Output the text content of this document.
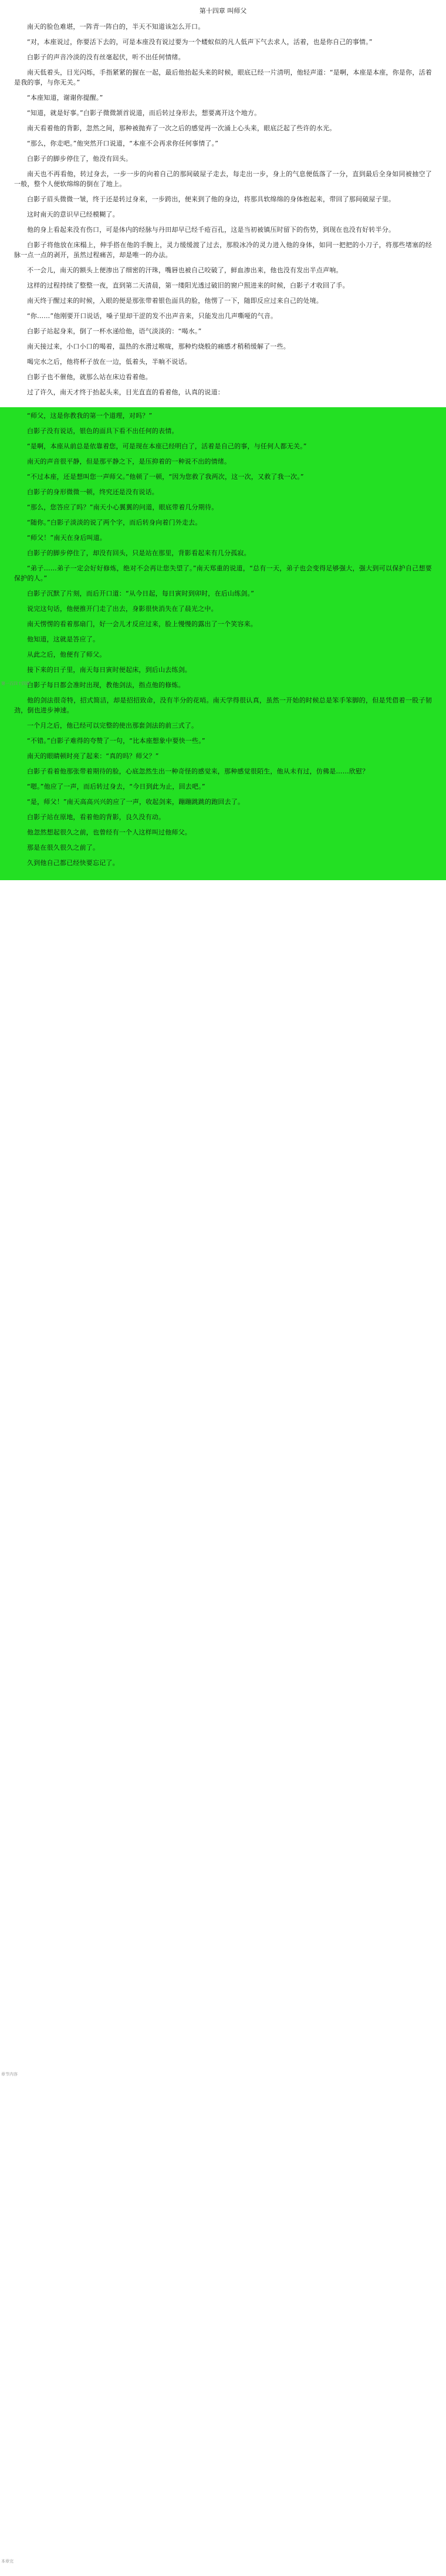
第十四章 叫师父

南天的脸色难堪，一阵青一阵白的，半天不知道该怎么开口。

“对，本座说过，你要活下去的，可是本座没有说过要为一个蝼蚁似的凡人低声下气去求人，活着，也是你自己的事情。”

白影子的声音冷淡的没有丝毫起伏，听不出任何情绪。

南天低着头，目光闪烁，手指紧紧的握在一起，最后他抬起头来的时候，眼底已经一片清明，他轻声道：“是啊，本座是本座，你是你，活着是我的事，与你无关。”

“本座知道，谢谢你提醒。”

“知道，就是好事。”白影子微微颔首说道，而后转过身形去，想要离开这个地方。

南天看着他的背影，忽然之间，那种被抛弃了一次之后的感觉再一次涌上心头来，眼底泛起了些许的水光。

“那么，你走吧。”他突然开口说道，“本座不会再求你任何事情了。”

白影子的脚步停住了，他没有回头。

南天也不再看他，转过身去，一步一步的向着自己的那间破屋子走去，每走出一步，身上的气息便低落了一分，直到最后全身如同被抽空了一般，整个人便软绵绵的倒在了地上。

白影子眉头微微一皱，终于还是转过身来，一步跨出，便来到了他的身边，将那具软绵绵的身体抱起来，带回了那间破屋子里。

这时南天的意识早已经模糊了。

他的身上看起来没有伤口，可是体内的经脉与丹田却早已经千疮百孔，这是当初被镇压时留下的伤势，到现在也没有好转半分。

白影子将他放在床榻上，伸手搭在他的手腕上，灵力缓缓渡了过去，那股冰冷的灵力进入他的身体，如同一把把的小刀子，将那些堵塞的经脉一点一点的剥开，虽然过程痛苦，却是唯一的办法。

不一会儿，南天的额头上便渗出了细密的汗珠，嘴唇也被自己咬破了，鲜血渗出来，他也没有发出半点声响。

这样的过程持续了整整一夜，直到第二天清晨，第一缕阳光透过破旧的窗户照进来的时候，白影子才收回了手。

南天终于醒过来的时候，入眼的便是那张带着银色面具的脸，他愣了一下，随即反应过来自己的处境。

“你……”他刚要开口说话，嗓子里却干涩的发不出声音来，只能发出几声嘶哑的气音。

白影子站起身来，倒了一杯水递给他，语气淡淡的：“喝水。”

南天接过来，小口小口的喝着，温热的水滑过喉咙，那种灼烧般的痛感才稍稍缓解了一些。

喝完水之后，他将杯子放在一边，低着头，半晌不说话。

白影子也不催他，就那么站在床边看着他。

过了许久，南天才终于抬起头来，目光直直的看着他，认真的说道：

“师父，这是你教我的第一个道理，对吗？”

白影子没有说话，银色的面具下看不出任何的表情。

“是啊，本座从前总是依靠着您，可是现在本座已经明白了，活着是自己的事，与任何人都无关。”

南天的声音很平静，但是那平静之下，是压抑着的一种说不出的情绪。

“不过本座，还是想叫您一声师父。”他顿了一顿，“因为您救了我两次，这一次，又救了我一次。”

白影子的身形微微一顿，终究还是没有说话。

“那么，您答应了吗？”南天小心翼翼的问道，眼底带着几分期待。

“随你。”白影子淡淡的说了两个字，而后转身向着门外走去。

“师父！”南天在身后叫道。

白影子的脚步停住了，却没有回头，只是站在那里，背影看起来有几分孤寂。

“弟子……弟子一定会好好修炼，绝对不会再让您失望了。”南天郑重的说道，“总有一天，弟子也会变得足够强大，强大到可以保护自己想要保护的人。”

白影子沉默了片刻，而后开口道：“从今日起，每日寅时到卯时，在后山练剑。”

说完这句话，他便推开门走了出去，身影很快消失在了晨光之中。

南天愣愣的看着那扇门，好一会儿才反应过来，脸上慢慢的露出了一个笑容来。

他知道，这就是答应了。

从此之后，他便有了师父。

接下来的日子里，南天每日寅时便起床，到后山去练剑。

白影子每日都会准时出现，教他剑法，指点他的修炼。

他的剑法很奇特，招式简洁，却是招招致命，没有半分的花哨。南天学得很认真，虽然一开始的时候总是笨手笨脚的，但是凭借着一股子韧劲，倒也进步神速。

一个月之后，他已经可以完整的使出那套剑法的前三式了。

“不错。”白影子难得的夸赞了一句，“比本座想象中要快一些。”

南天的眼睛顿时亮了起来：“真的吗？师父？”

白影子看着他那张带着期待的脸，心底忽然生出一种奇怪的感觉来，那种感觉很陌生，他从未有过，仿佛是……欣慰？

“嗯。”他应了一声，而后转过身去，“今日到此为止，回去吧。”

“是，师父！”南天高高兴兴的应了一声，收起剑来，蹦蹦跳跳的跑回去了。

白影子站在原地，看着他的背影，良久没有动。

他忽然想起很久之前，也曾经有一个人这样叫过他师父。

那是在很久很久之前了。

久到他自己都已经快要忘记了。

第一百四十四章
章节内容
本章完
